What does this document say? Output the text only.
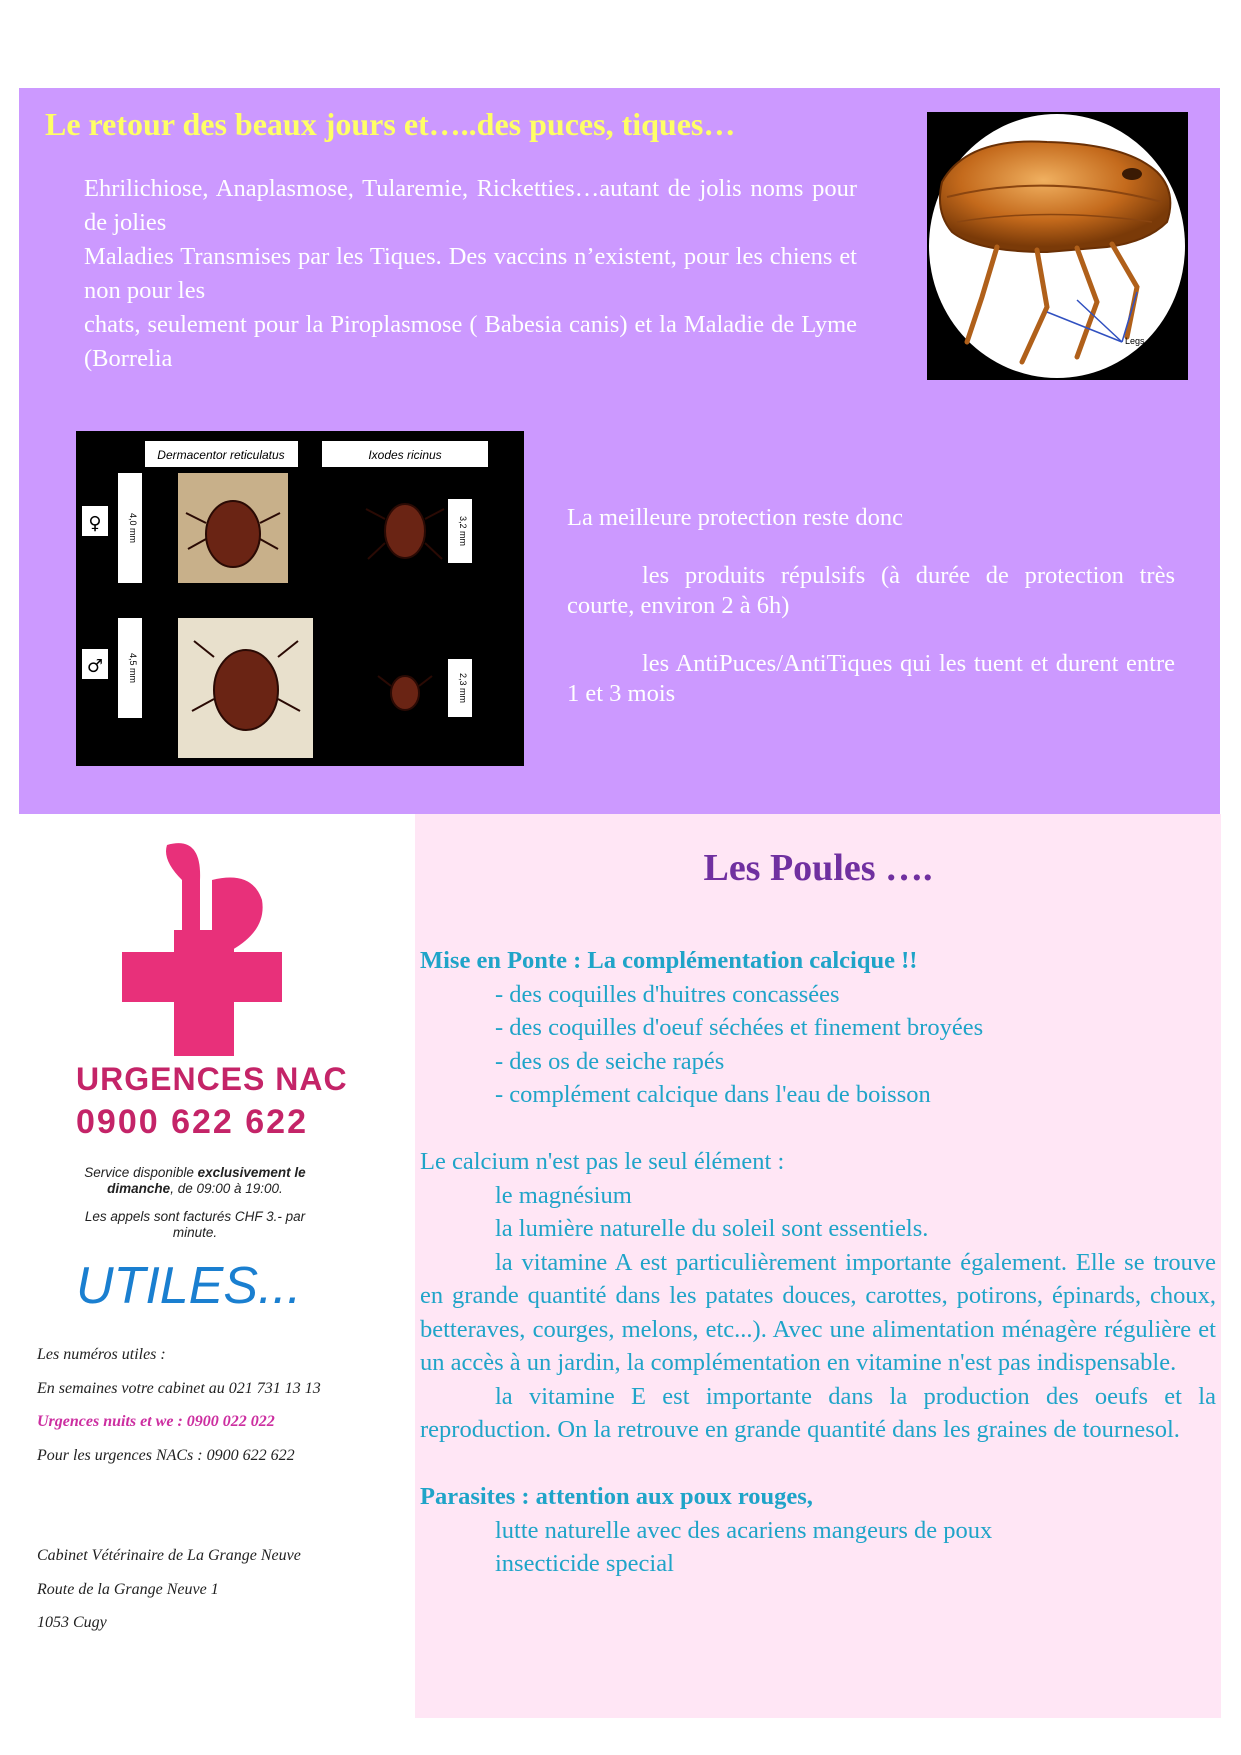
Le retour des beaux jours et…..des puces, tiques…

Ehrilichiose, Anaplasmose, Tularemie, Ricketties…autant de jolis noms pour de jolies

Maladies Transmises par les Tiques. Des vaccins n’existent, pour les chiens et non pour les

chats, seulement pour la Piroplasmose ( Babesia canis) et la Maladie de Lyme (Borrelia

Legs
Dermacentor reticulatus	Ixodes ricinus
♀
♂
4,0 mm
4,5 mm
3,2 mm
2,3 mm

La meilleure protection reste donc

les produits répulsifs (à durée de protection très courte, environ 2 à 6h)

les AntiPuces/AntiTiques qui les tuent et durent entre 1 et 3 mois

URGENCES NAC

0900 622 622

Service disponible exclusivement le dimanche, de 09:00 à 19:00.

Les appels sont facturés CHF 3.- par minute.

UTILES...

Les numéros utiles :

En semaines votre cabinet au 021 731 13 13

Urgences nuits et we : 0900 022 022

Pour les urgences NACs : 0900 622 622

Cabinet Vétérinaire de La Grange Neuve

Route de la Grange Neuve 1

1053 Cugy

Les Poules ….

Mise en Ponte : La complémentation calcique !!

- des coquilles d'huitres concassées

- des coquilles d'oeuf séchées et finement broyées

- des os de seiche rapés

- complément calcique dans l'eau de boisson

Le calcium n'est pas le seul élément :

le magnésium

la lumière naturelle du soleil sont essentiels.

la vitamine A est particulièrement importante également. Elle se trouve en grande quantité dans les patates douces, carottes, potirons, épinards, choux, betteraves, courges, melons, etc...). Avec une alimentation ménagère régulière et un accès à un jardin, la complémentation en vitamine n'est pas indispensable.

la vitamine E est importante dans la production des oeufs et la reproduction. On la retrouve en grande quantité dans les graines de tournesol.

Parasites : attention aux poux rouges,

lutte naturelle avec des acariens mangeurs de poux

insecticide special
